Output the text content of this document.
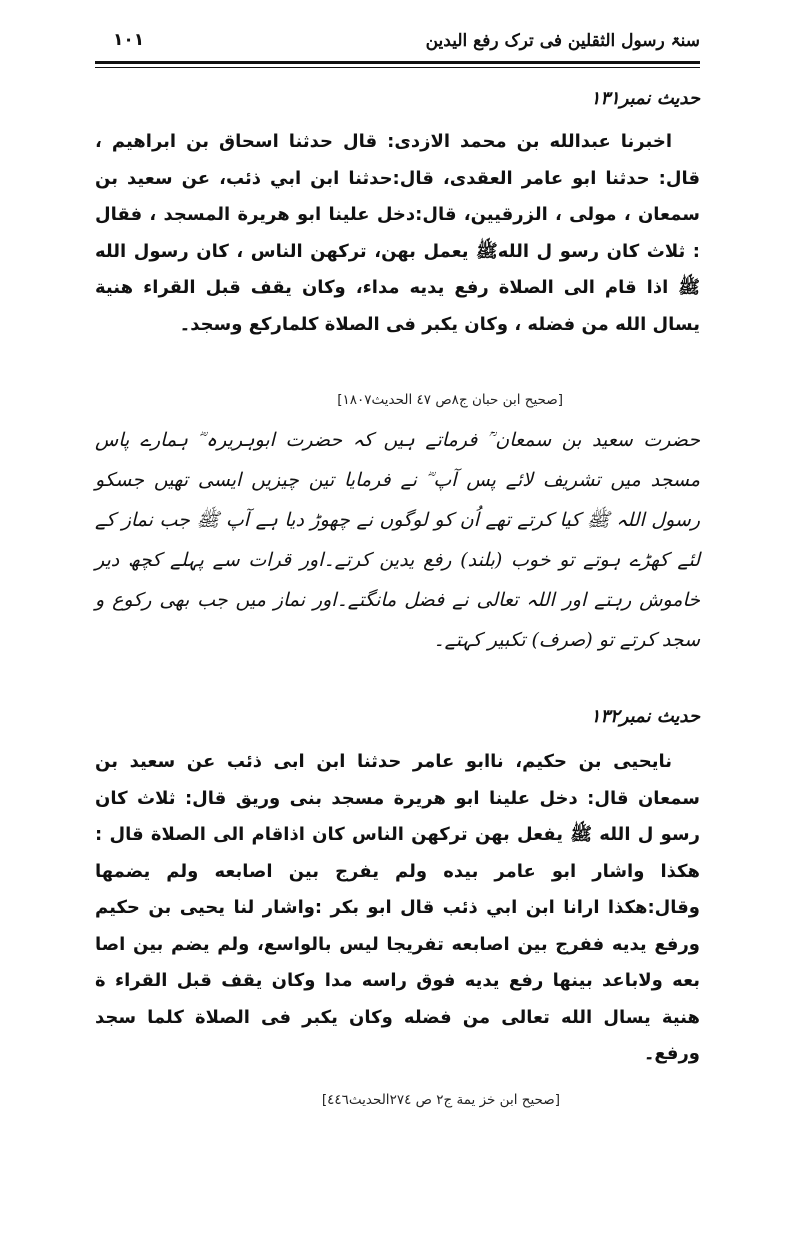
سنۃ رسول الثقلین فی ترک رفع الیدین
۱۰۱
حدیث نمبر۱۳۱
اخبرنا عبدالله بن محمد الازدی: قال حدثنا اسحاق بن ابراهیم ، قال: حدثنا ابو عامر العقدی، قال:حدثنا ابن ابي ذئب، عن سعید بن سمعان ، مولی ، الزرقیین، قال:دخل علینا ابو هریرة المسجد ، فقال : ثلاث کان رسو ل اللهﷺ یعمل بهن، ترکهن الناس ، کان رسول الله ﷺ اذا قام الی الصلاة رفع یدیه مداء، وکان یقف قبل القراء هنیة یسال الله من فضله ، وکان یکبر فی الصلاة کلمارکع وسجد۔
[صحیح ابن حبان ج۸ص ٤٧ الحدیث١٨٠٧]
حضرت سعید بن سمعان ؒ فرماتے ہیں کہ حضرت ابوہریرہ ؓ ہمارے پاس مسجد میں تشریف لائے پس آپ ؓ نے فرمایا تین چیزیں ایسی تھیں جسکو رسول اللہ ﷺ کیا کرتے تھے اُن کو لوگوں نے چھوڑ دیا ہے آپ ﷺ جب نماز کے لئے کھڑے ہوتے تو خوب (بلند) رفع یدین کرتے۔اور قرات سے پہلے کچھ دیر خاموش رہتے اور اللہ تعالی نے فضل مانگتے۔اور نماز میں جب بھی رکوع و سجد کرتے تو (صرف) تکبیر کہتے۔
حدیث نمبر۱۳۲
نایحیی بن حکیم، ناابو عامر حدثنا ابن ابی ذئب عن سعید بن سمعان قال: دخل علینا ابو هریرة مسجد بنی وریق قال: ثلاث کان رسو ل الله ﷺ یفعل بهن ترکهن الناس کان اذاقام الی الصلاة قال : هکذا واشار ابو عامر بیده ولم یفرج بین اصابعه ولم یضمها وقال:هکذا ارانا ابن ابي ذئب قال ابو بکر :واشار لنا یحیی بن حکیم ورفع یدیه ففرج بین اصابعه تفریجا لیس بالواسع، ولم یضم بین اصا بعه ولاباعد بینها رفع یدیه فوق راسه مدا وکان یقف قبل القراء ة هنیة یسال الله تعالی من فضله وکان یکبر فی الصلاة کلما سجد ورفع۔
[صحیح ابن خز یمة ج۲ ص ۲۷٤الحدیث٤٤٦]
